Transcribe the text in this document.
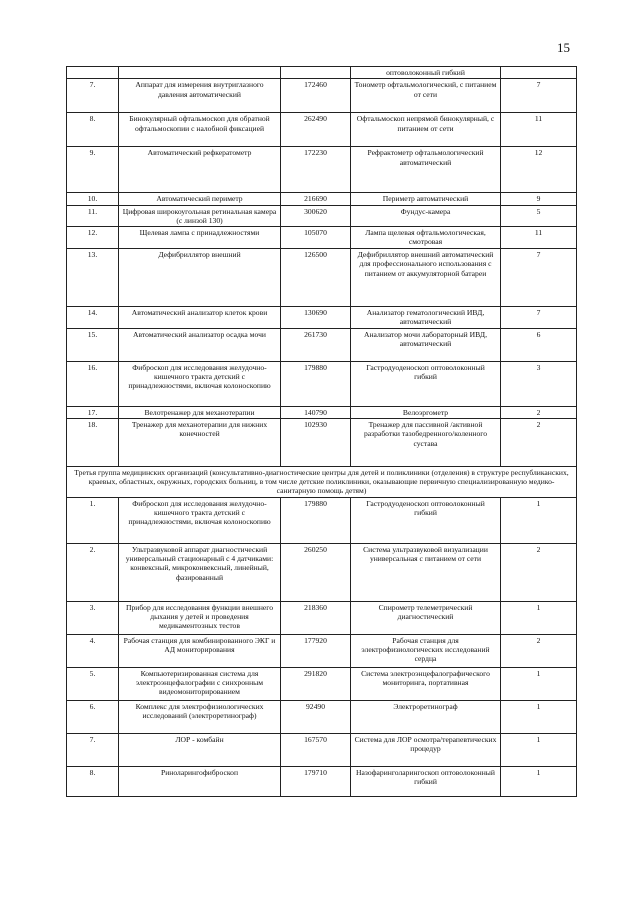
15
			оптоволоконный гибкий	
7.	Аппарат для измерения внутриглазного давления автоматический	172460	Тонометр офтальмологический, с питанием от сети	7
8.	Бинокулярный офтальмоскоп для обратной офтальмоскопии с налобной фиксацией	262490	Офтальмоскоп непрямой бинокулярный, с питанием от сети	11
9.	Автоматический рефкератометр	172230	Рефрактометр офтальмологический автоматический	12
10.	Автоматический периметр	216690	Периметр автоматический	9
11.	Цифровая широкоугольная ретинальная камера (с линзой 130)	300620	Фундус-камера	5
12.	Щелевая лампа с принадлежностями	105070	Лампа щелевая офтальмологическая, смотровая	11
13.	Дефибриллятор внешний	126500	Дефибриллятор внешний автоматический для профессионального использования с питанием от аккумуляторной батареи	7
14.	Автоматический анализатор клеток крови	130690	Анализатор гематологический ИВД, автоматический	7
15.	Автоматический анализатор осадка мочи	261730	Анализатор мочи лабораторный ИВД, автоматический	6
16.	Фиброскоп для исследования желудочно-кишечного тракта детский с принадлежностями, включая колоноскопию	179880	Гастродуоденоскоп оптоволоконный гибкий	3
17.	Велотренажер для механотерапии	140790	Велоэргометр	2
18.	Тренажер для механотерапии для нижних конечностей	102930	Тренажер для пассивной /активной разработки тазобедренного/коленного сустава	2
Третья группа медицинских организаций (консультативно-диагностические центры для детей и поликлиники (отделения) в структуре республиканских, краевых, областных, окружных, городских больниц, в том числе детские поликлиники, оказывающие первичную специализированную медико-санитарную помощь детям)				
1.	Фиброскоп для исследования желудочно-кишечного тракта детский с принадлежностями, включая колоноскопию	179880	Гастродуоденоскоп оптоволоконный гибкий	1
2.	Ультразвуковой аппарат диагностический универсальный стационарный с 4 датчиками: конвексный, микроконвексный, линейный, фазированный	260250	Система ультразвуковой визуализации универсальная с питанием от сети	2
3.	Прибор для исследования функции внешнего дыхания у детей и проведения медикаментозных тестов	218360	Спирометр телеметрический диагностический	1
4.	Рабочая станция для комбинированного ЭКГ и АД мониторирования	177920	Рабочая станция для электрофизиологических исследований сердца	2
5.	Компьютеризированная система для электроэнцефалографии с синхронным видеомониторированием	291820	Система электроэнцефалографического мониторинга, портативная	1
6.	Комплекс для электрофизиологических исследований (электроретинограф)	92490	Электроретинограф	1
7.	ЛОР - комбайн	167570	Система для ЛОР осмотра/терапевтических процедур	1
8.	Риноларингофиброскоп	179710	Назофаринголарингоскоп оптоволоконный гибкий	1
